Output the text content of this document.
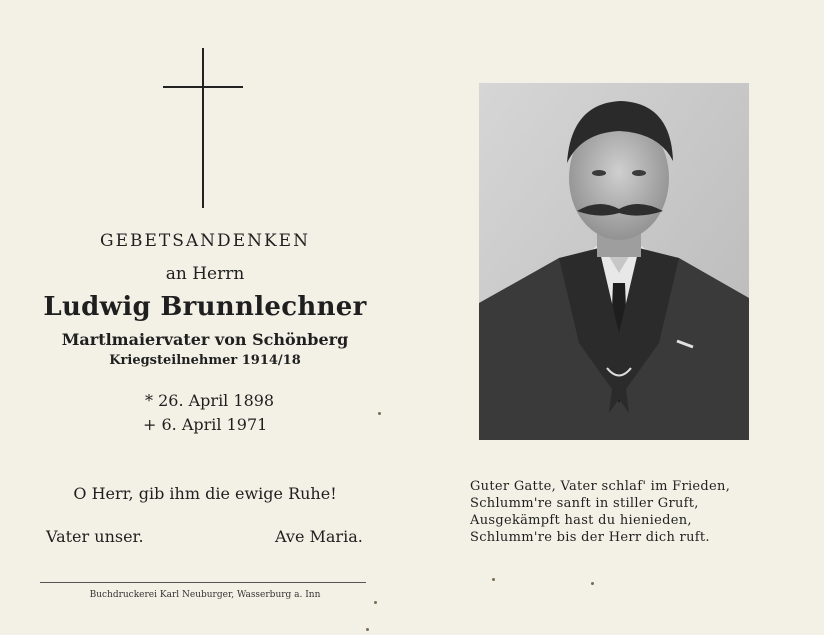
GEBETSANDENKEN
an Herrn
Ludwig Brunnlechner
Martlmaiervater von Schönberg
Kriegsteilnehmer 1914/18
* 26. April 1898
+ 6. April 1971
O Herr, gib ihm die ewige Ruhe!
Vater unser.	Ave Maria.
Buchdruckerei Karl Neuburger, Wasserburg a. Inn
Guter Gatte, Vater schlaf' im Frieden,
Schlumm're sanft in stiller Gruft,
Ausgekämpft hast du hienieden,
Schlumm're bis der Herr dich ruft.
